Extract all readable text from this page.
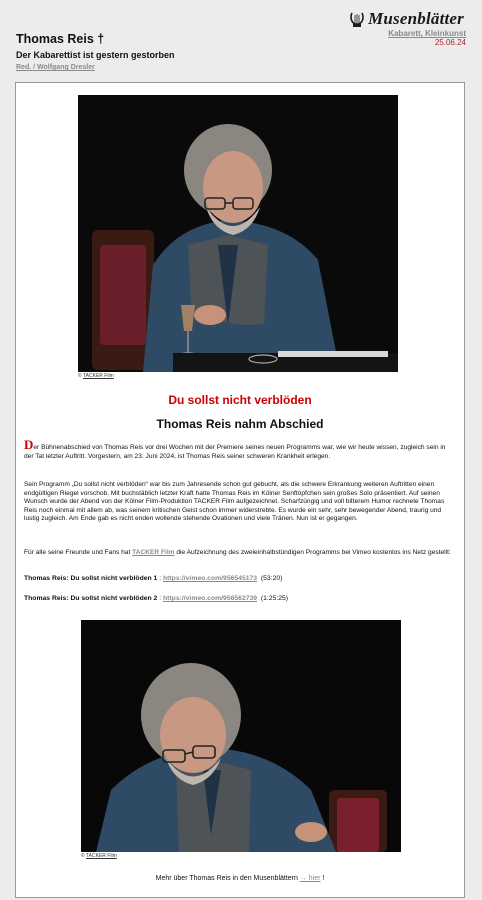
Musenblätter
Kabarett, Kleinkunst
25.06.24
Thomas Reis †
Der Kabarettist ist gestern gestorben
Red. / Wolfgang Dresler
© TACKER Film
Du sollst nicht verblöden
Thomas Reis nahm Abschied

Der Bühnenabschied von Thomas Reis vor drei Wochen mit der Premiere seines neuen Programms war, wie wir heute wissen, zugleich sein in der Tat letzter Auftritt. Vorgestern, am 23. Juni 2024, ist Thomas Reis seiner schweren Krankheit erlegen.

Sein Programm „Du sollst nicht verblöden“ war bis zum Jahresende schon gut gebucht, als die schwere Erkrankung weiteren Auftritten einen endgültigen Riegel vorschob. Mit buchstäblich letzter Kraft hatte Thomas Reis im Kölner Senftöpfchen sein großes Solo präsentiert. Auf seinen Wunsch wurde der Abend von der Kölner Film-Produktion TACKER Film aufgezeichnet. Scharfzüngig und voll bitterem Humor rechnete Thomas Reis noch einmal mit allem ab, was seinem kritischen Geist schon immer widerstrebte. Es wurde ein sehr, sehr bewegender Abend, traurig und lustig zugleich. Am Ende gab es nicht enden wollende stehende Ovationen und viele Tränen. Nun ist er gegangen.

Für alle seine Freunde und Fans hat TACKER Film die Aufzeichnung des zweieinhalbstündigen Programms bei Vimeo kostenlos ins Netz gestellt:

Thomas Reis: Du sollst nicht verblöden 1 : https://vimeo.com/956545173 (53:20)
Thomas Reis: Du sollst nicht verblöden 2 : https://vimeo.com/956562739 (1:25:25)
© TACKER Film
Mehr über Thomas Reis in den Musenblättern → hier !
